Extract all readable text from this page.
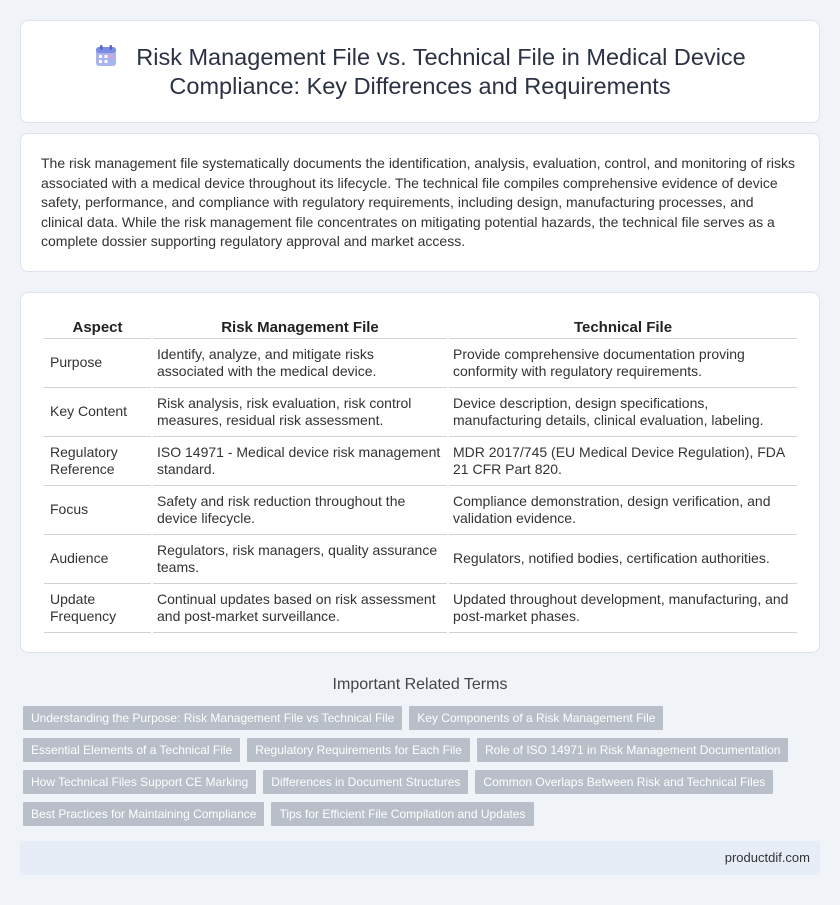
Risk Management File vs. Technical File in Medical Device
Compliance: Key Differences and Requirements

The risk management file systematically documents the identification, analysis, evaluation, control, and monitoring of risks associated with a medical device throughout its lifecycle. The technical file compiles comprehensive evidence of device safety, performance, and compliance with regulatory requirements, including design, manufacturing processes, and clinical data. While the risk management file concentrates on mitigating potential hazards, the technical file serves as a complete dossier supporting regulatory approval and market access.

Aspect	Risk Management File	Technical File
Purpose	Identify, analyze, and mitigate risks associated with the medical device.	Provide comprehensive documentation proving conformity with regulatory requirements.
Key Content	Risk analysis, risk evaluation, risk control measures, residual risk assessment.	Device description, design specifications, manufacturing details, clinical evaluation, labeling.
Regulatory Reference	ISO 14971 - Medical device risk management standard.	MDR 2017/745 (EU Medical Device Regulation), FDA 21 CFR Part 820.
Focus	Safety and risk reduction throughout the device lifecycle.	Compliance demonstration, design verification, and validation evidence.
Audience	Regulators, risk managers, quality assurance teams.	Regulators, notified bodies, certification authorities.
Update Frequency	Continual updates based on risk assessment and post-market surveillance.	Updated throughout development, manufacturing, and post-market phases.
Important Related Terms
Understanding the Purpose: Risk Management File vs Technical File	Key Components of a Risk Management File
Essential Elements of a Technical File	Regulatory Requirements for Each File	Role of ISO 14971 in Risk Management Documentation
How Technical Files Support CE Marking	Differences in Document Structures	Common Overlaps Between Risk and Technical Files
Best Practices for Maintaining Compliance	Tips for Efficient File Compilation and Updates
productdif.com
